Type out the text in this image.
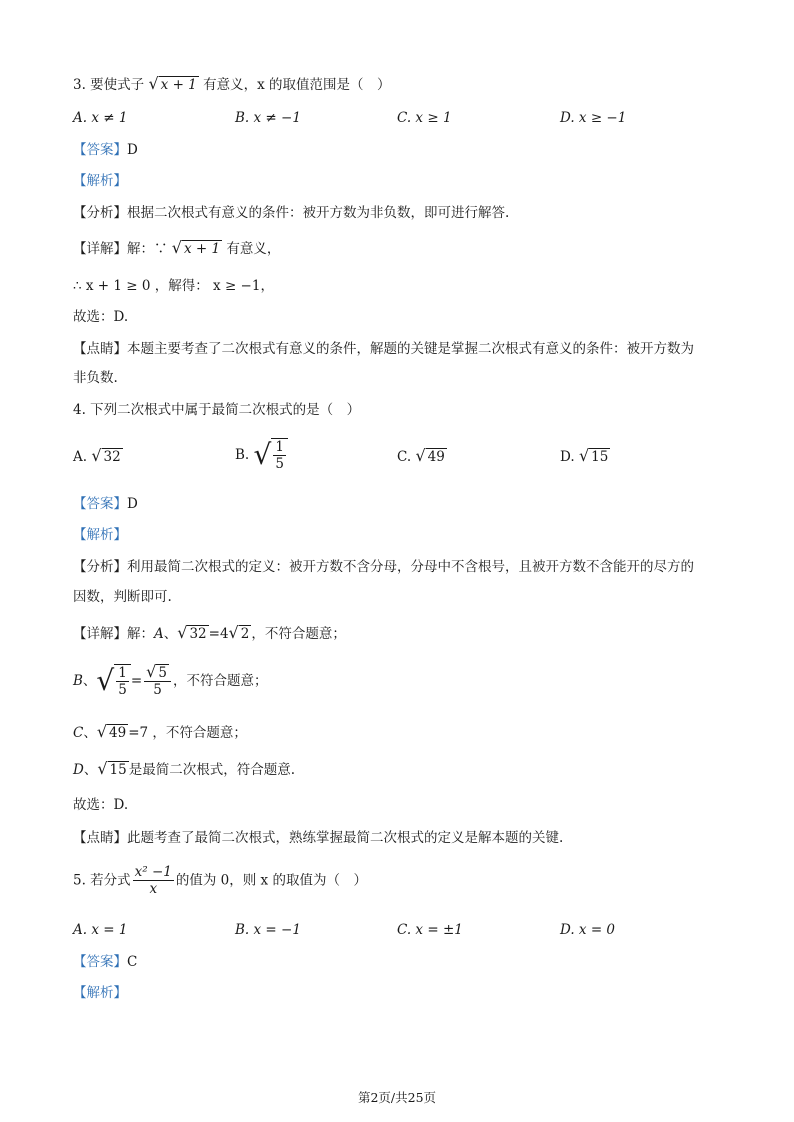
3. 要使式子 √ x + 1 有意义，x 的取值范围是（　）
A. x ≠ 1	B. x ≠ −1	C. x ≥ 1	D. x ≥ −1
【答案】D
【解析】
【分析】根据二次根式有意义的条件：被开方数为非负数，即可进行解答.
【详解】解：∵ √ x + 1 有意义，
∴ x + 1 ≥ 0 ，解得： x ≥ −1，
故选：D.
【点睛】本题主要考查了二次根式有意义的条件，解题的关键是掌握二次根式有意义的条件：被开方数为
非负数.
4. 下列二次根式中属于最简二次根式的是（　）
A. √ 32	B. √ $\frac{1}{5}$	C. √ 49	D. √ 15
【答案】D
【解析】
【分析】利用最简二次根式的定义：被开方数不含分母，分母中不含根号，且被开方数不含能开的尽方的
因数，判断即可.
【详解】解：A、√ 32 =4√ 2 ，不符合题意；
B、√ $\frac{1}{5} = \frac{√ 5}{5}$ ，不符合题意；
C、√ 49 =7 ，不符合题意；
D、√ 15 是最简二次根式，符合题意.
故选：D.
【点睛】此题考查了最简二次根式，熟练掌握最简二次根式的定义是解本题的关键.
5. 若分式 $\frac{\text{x² −1}}{x}$ 的值为 0，则 x 的取值为（　）
A. x = 1	B. x = −1	C. x = ±1	D. x = 0
【答案】C
【解析】
第2页/共25页
